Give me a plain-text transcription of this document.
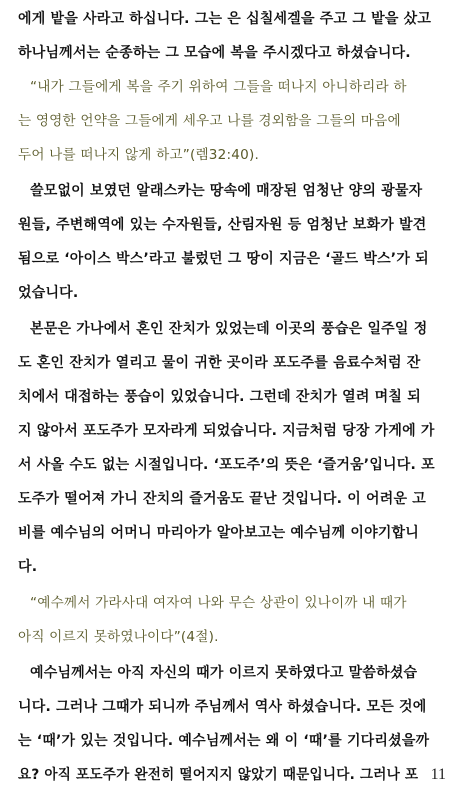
에게 밭을 사라고 하십니다. 그는 은 십칠세겔을 주고 그 밭을 샀고
하나님께서는 순종하는 그 모습에 복을 주시겠다고 하셨습니다.
“내가 그들에게 복을 주기 위하여 그들을 떠나지 아니하리라 하
는 영영한 언약을 그들에게 세우고 나를 경외함을 그들의 마음에
두어 나를 떠나지 않게 하고”(렘32:40).
쓸모없이 보였던 알래스카는 땅속에 매장된 엄청난 양의 광물자
원들, 주변해역에 있는 수자원들, 산림자원 등 엄청난 보화가 발견
됨으로 ‘아이스 박스’라고 불렀던 그 땅이 지금은 ‘골드 박스’가 되
었습니다.
본문은 가나에서 혼인 잔치가 있었는데 이곳의 풍습은 일주일 정
도 혼인 잔치가 열리고 물이 귀한 곳이라 포도주를 음료수처럼 잔
치에서 대접하는 풍습이 있었습니다. 그런데 잔치가 열려 며칠 되
지 않아서 포도주가 모자라게 되었습니다. 지금처럼 당장 가게에 가
서 사올 수도 없는 시절입니다. ‘포도주’의 뜻은 ‘즐거움’입니다. 포
도주가 떨어져 가니 잔치의 즐거움도 끝난 것입니다. 이 어려운 고
비를 예수님의 어머니 마리아가 알아보고는 예수님께 이야기합니
다.
“예수께서 가라사대 여자여 나와 무슨 상관이 있나이까 내 때가
아직 이르지 못하였나이다”(4절).
예수님께서는 아직 자신의 때가 이르지 못하였다고 말씀하셨습
니다. 그러나 그때가 되니까 주님께서 역사 하셨습니다. 모든 것에
는 ‘때’가 있는 것입니다. 예수님께서는 왜 이 ‘때’를 기다리셨을까
요? 아직 포도주가 완전히 떨어지지 않았기 때문입니다. 그러나 포 11
